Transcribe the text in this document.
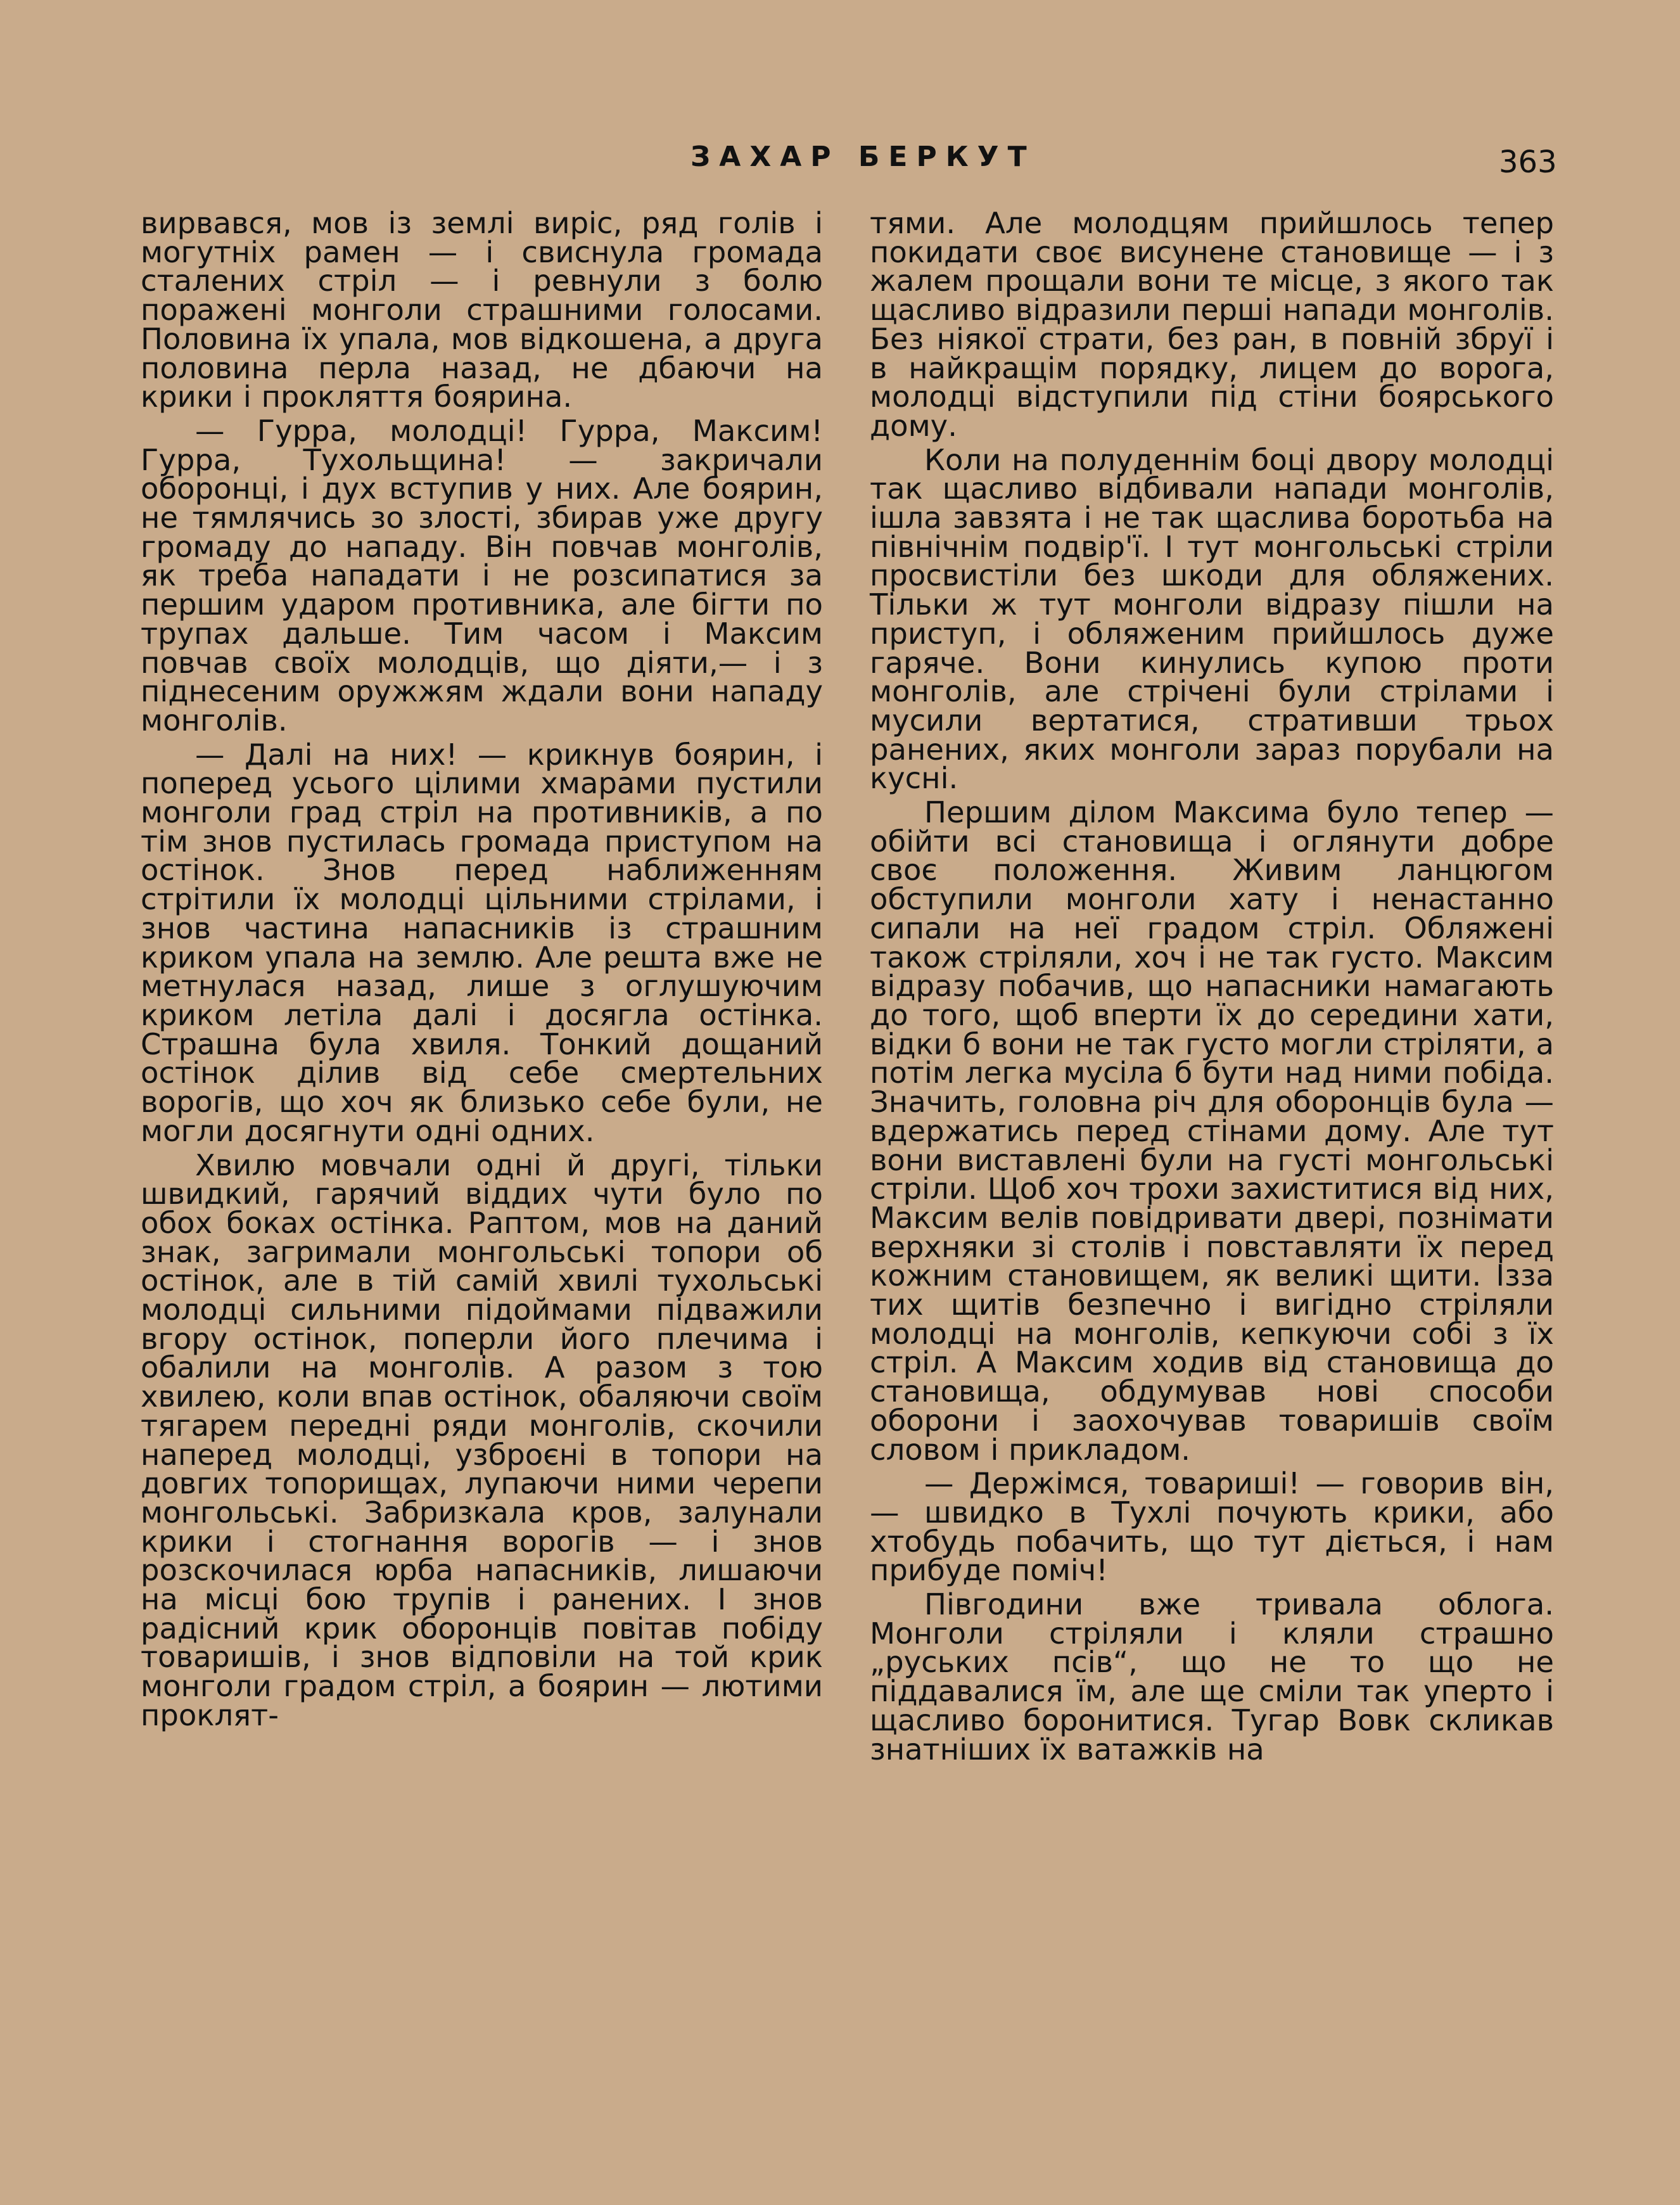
ЗАХАР БЕРКУТ	363

вирвався, мов із землі виріс, ряд голів і могутніх рамен — і свиснула громада сталених стріл — і ревнули з болю поражені монголи страшними голосами. Половина їх упала, мов відкошена, а друга половина перла назад, не дбаючи на крики і прокляття боярина.

— Гурра, молодці! Гурра, Максим! Гурра, Тухольщина! — закричали оборонці, і дух вступив у них. Але боярин, не тямлячись зо злості, збирав уже другу громаду до нападу. Він повчав монголів, як треба нападати і не розсипатися за першим ударом противника, але бігти по трупах дальше. Тим часом і Максим повчав своїх молодців, що діяти,— і з піднесеним оружжям ждали вони нападу монголів.

— Далі на них! — крикнув боярин, і поперед усього цілими хмарами пустили монголи град стріл на противників, а по тім знов пустилась громада приступом на остінок. Знов перед наближенням стрітили їх молодці цільними стрілами, і знов частина напасників із страшним криком упала на землю. Але решта вже не метнулася назад, лише з оглушуючим криком летіла далі і досягла остінка. Страшна була хвиля. Тонкий дощаний остінок ділив від себе смертельних ворогів, що хоч як близько себе були, не могли досягнути одні одних.

Хвилю мовчали одні й другі, тільки швидкий, гарячий віддих чути було по обох боках остінка. Раптом, мов на даний знак, загримали монгольські топори об остінок, але в тій самій хвилі тухольські молодці сильними підоймами підважили вгору остінок, поперли його плечима і обалили на монголів. А разом з тою хвилею, коли впав остінок, обаляючи своїм тягарем передні ряди монголів, скочили наперед молодці, узброєні в топори на довгих топорищах, лупаючи ними черепи монгольські. Забризкала кров, залунали крики і стогнання ворогів — і знов розскочилася юрба напасників, лишаючи на місці бою трупів і ранених. І знов радісний крик оборонців повітав побіду товаришів, і знов відповіли на той крик монголи градом стріл, а боярин — лютими проклят-

тями. Але молодцям прийшлось тепер покидати своє висунене становище — і з жалем прощали вони те місце, з якого так щасливо відразили перші напади монголів. Без ніякої страти, без ран, в повній збруї і в найкращім порядку, лицем до ворога, молодці відступили під стіни боярського дому.

Коли на полуденнім боці двору молодці так щасливо відбивали напади монголів, ішла завзята і не так щаслива боротьба на північнім подвір'ї. І тут монгольські стріли просвистіли без шкоди для обляжених. Тільки ж тут монголи відразу пішли на приступ, і обляженим прийшлось дуже гаряче. Вони кинулись купою проти монголів, але стрічені були стрілами і мусили вертатися, стративши трьох ранених, яких монголи зараз порубали на кусні.

Першим ділом Максима було тепер — обійти всі становища і оглянути добре своє положення. Живим ланцюгом обступили монголи хату і ненастанно сипали на неї градом стріл. Обляжені також стріляли, хоч і не так густо. Максим відразу побачив, що напасники намагають до того, щоб вперти їх до середини хати, відки б вони не так густо могли стріляти, а потім легка мусіла б бути над ними побіда. Значить, головна річ для оборонців була — вдержатись перед стінами дому. Але тут вони виставлені були на густі монгольські стріли. Щоб хоч трохи захиститися від них, Максим велів повідривати двері, познімати верхняки зі столів і повставляти їх перед кожним становищем, як великі щити. Ізза тих щитів безпечно і вигідно стріляли молодці на монголів, кепкуючи собі з їх стріл. А Максим ходив від становища до становища, обдумував нові способи оборони і заохочував товаришів своїм словом і прикладом.

— Держімся, товариші! — говорив він,— швидко в Тухлі почують крики, або хтобудь побачить, що тут діється, і нам прибуде поміч!

Півгодини вже тривала облога. Монголи стріляли і кляли страшно „руських псів“, що не то що не піддавалися їм, але ще сміли так уперто і щасливо боронитися. Тугар Вовк скликав знатніших їх ватажків на
